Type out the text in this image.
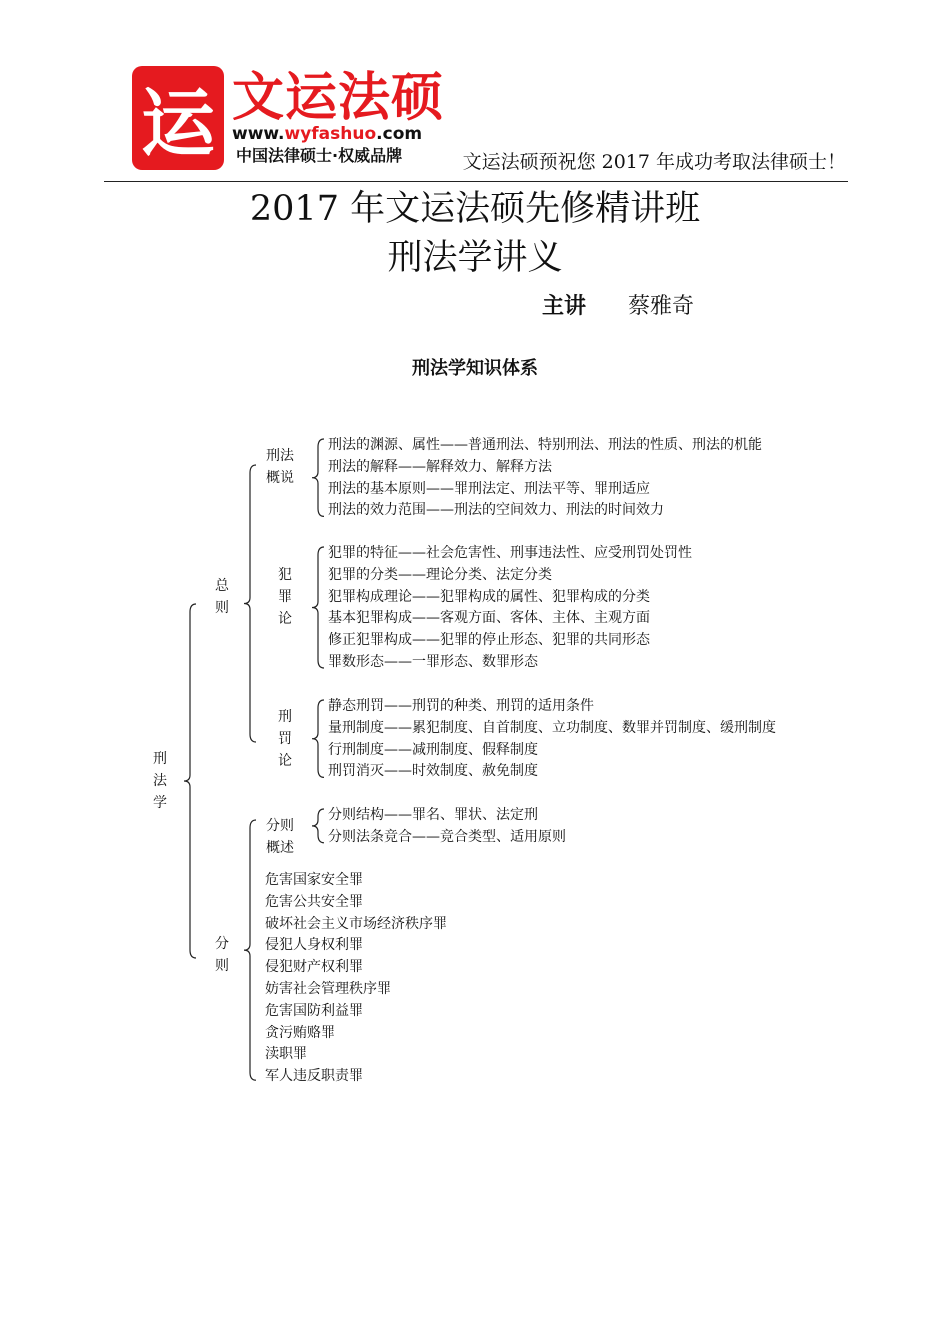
运 文运法硕
www.wyfashuo.com
中国法律硕士·权威品牌	文运法硕预祝您 2017 年成功考取法律硕士！
2017 年文运法硕先修精讲班
刑法学讲义
主讲 蔡雅奇
刑法学知识体系
刑法的渊源、属性——普通刑法、特别刑法、刑法的性质、刑法的机能
刑法的解释——解释效力、解释方法
刑法的基本原则——罪刑法定、刑法平等、罪刑适应
刑法的效力范围——刑法的空间效力、刑法的时间效力
刑法
概说
犯罪的特征——社会危害性、刑事违法性、应受刑罚处罚性
犯罪的分类——理论分类、法定分类
犯罪构成理论——犯罪构成的属性、犯罪构成的分类
基本犯罪构成——客观方面、客体、主体、主观方面
修正犯罪构成——犯罪的停止形态、犯罪的共同形态
罪数形态——一罪形态、数罪形态
犯
罪
论
静态刑罚——刑罚的种类、刑罚的适用条件
量刑制度——累犯制度、自首制度、立功制度、数罪并罚制度、缓刑制度
行刑制度——减刑制度、假释制度
刑罚消灭——时效制度、赦免制度
刑
罚
论
总
则
分则结构——罪名、罪状、法定刑
分则法条竞合——竞合类型、适用原则
分则
概述
危害国家安全罪
危害公共安全罪
破坏社会主义市场经济秩序罪
侵犯人身权利罪
侵犯财产权利罪
妨害社会管理秩序罪
危害国防利益罪
贪污贿赂罪
渎职罪
军人违反职责罪
分
则
刑
法
学
